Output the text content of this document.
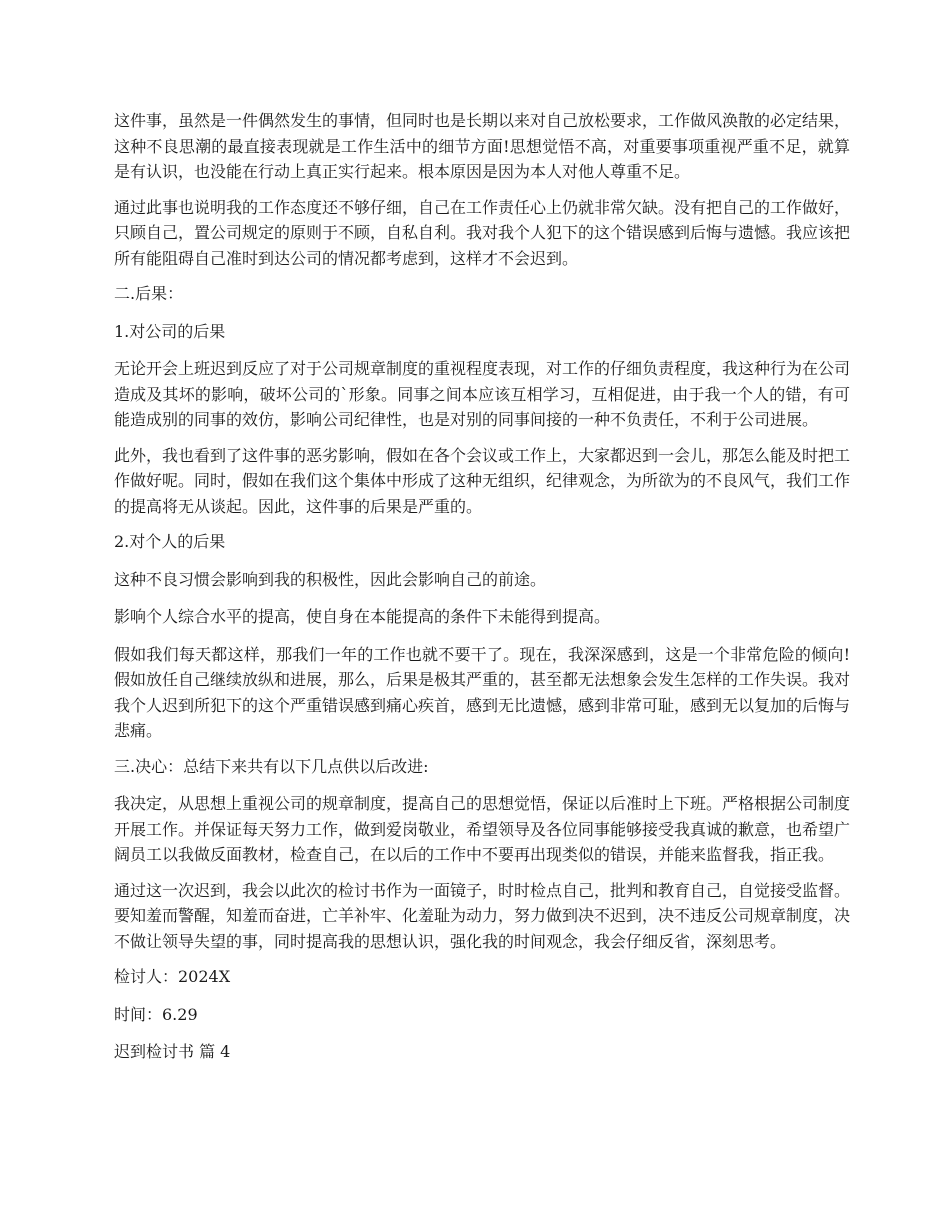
这件事，虽然是一件偶然发生的事情，但同时也是长期以来对自己放松要求，工作做风涣散的必定结果，这种不良思潮的最直接表现就是工作生活中的细节方面!思想觉悟不高，对重要事项重视严重不足，就算是有认识，也没能在行动上真正实行起来。根本原因是因为本人对他人尊重不足。

通过此事也说明我的工作态度还不够仔细，自己在工作责任心上仍就非常欠缺。没有把自己的工作做好，只顾自己，置公司规定的原则于不顾，自私自利。我对我个人犯下的这个错误感到后悔与遗憾。我应该把所有能阻碍自己准时到达公司的情况都考虑到，这样才不会迟到。

二.后果：

1.对公司的后果

无论开会上班迟到反应了对于公司规章制度的重视程度表现，对工作的仔细负责程度，我这种行为在公司造成及其坏的影响，破坏公司的`形象。同事之间本应该互相学习，互相促进，由于我一个人的错，有可能造成别的同事的效仿，影响公司纪律性，也是对别的同事间接的一种不负责任，不利于公司进展。

此外，我也看到了这件事的恶劣影响，假如在各个会议或工作上，大家都迟到一会儿，那怎么能及时把工作做好呢。同时，假如在我们这个集体中形成了这种无组织，纪律观念，为所欲为的不良风气，我们工作的提高将无从谈起。因此，这件事的后果是严重的。

2.对个人的后果

这种不良习惯会影响到我的积极性，因此会影响自己的前途。

影响个人综合水平的提高，使自身在本能提高的条件下未能得到提高。

假如我们每天都这样，那我们一年的工作也就不要干了。现在，我深深感到，这是一个非常危险的倾向!假如放任自己继续放纵和进展，那么，后果是极其严重的，甚至都无法想象会发生怎样的工作失误。我对我个人迟到所犯下的这个严重错误感到痛心疾首，感到无比遗憾，感到非常可耻，感到无以复加的后悔与悲痛。

三.决心：总结下来共有以下几点供以后改进:

我决定，从思想上重视公司的规章制度，提高自己的思想觉悟，保证以后准时上下班。严格根据公司制度开展工作。并保证每天努力工作，做到爱岗敬业，希望领导及各位同事能够接受我真诚的歉意，也希望广阔员工以我做反面教材，检查自己，在以后的工作中不要再出现类似的错误，并能来监督我，指正我。

通过这一次迟到，我会以此次的检讨书作为一面镜子，时时检点自己，批判和教育自己，自觉接受监督。要知羞而警醒，知羞而奋进，亡羊补牢、化羞耻为动力，努力做到决不迟到，决不违反公司规章制度，决不做让领导失望的事，同时提高我的思想认识，强化我的时间观念，我会仔细反省，深刻思考。

检讨人：2024X

时间：6.29

迟到检讨书 篇 4
